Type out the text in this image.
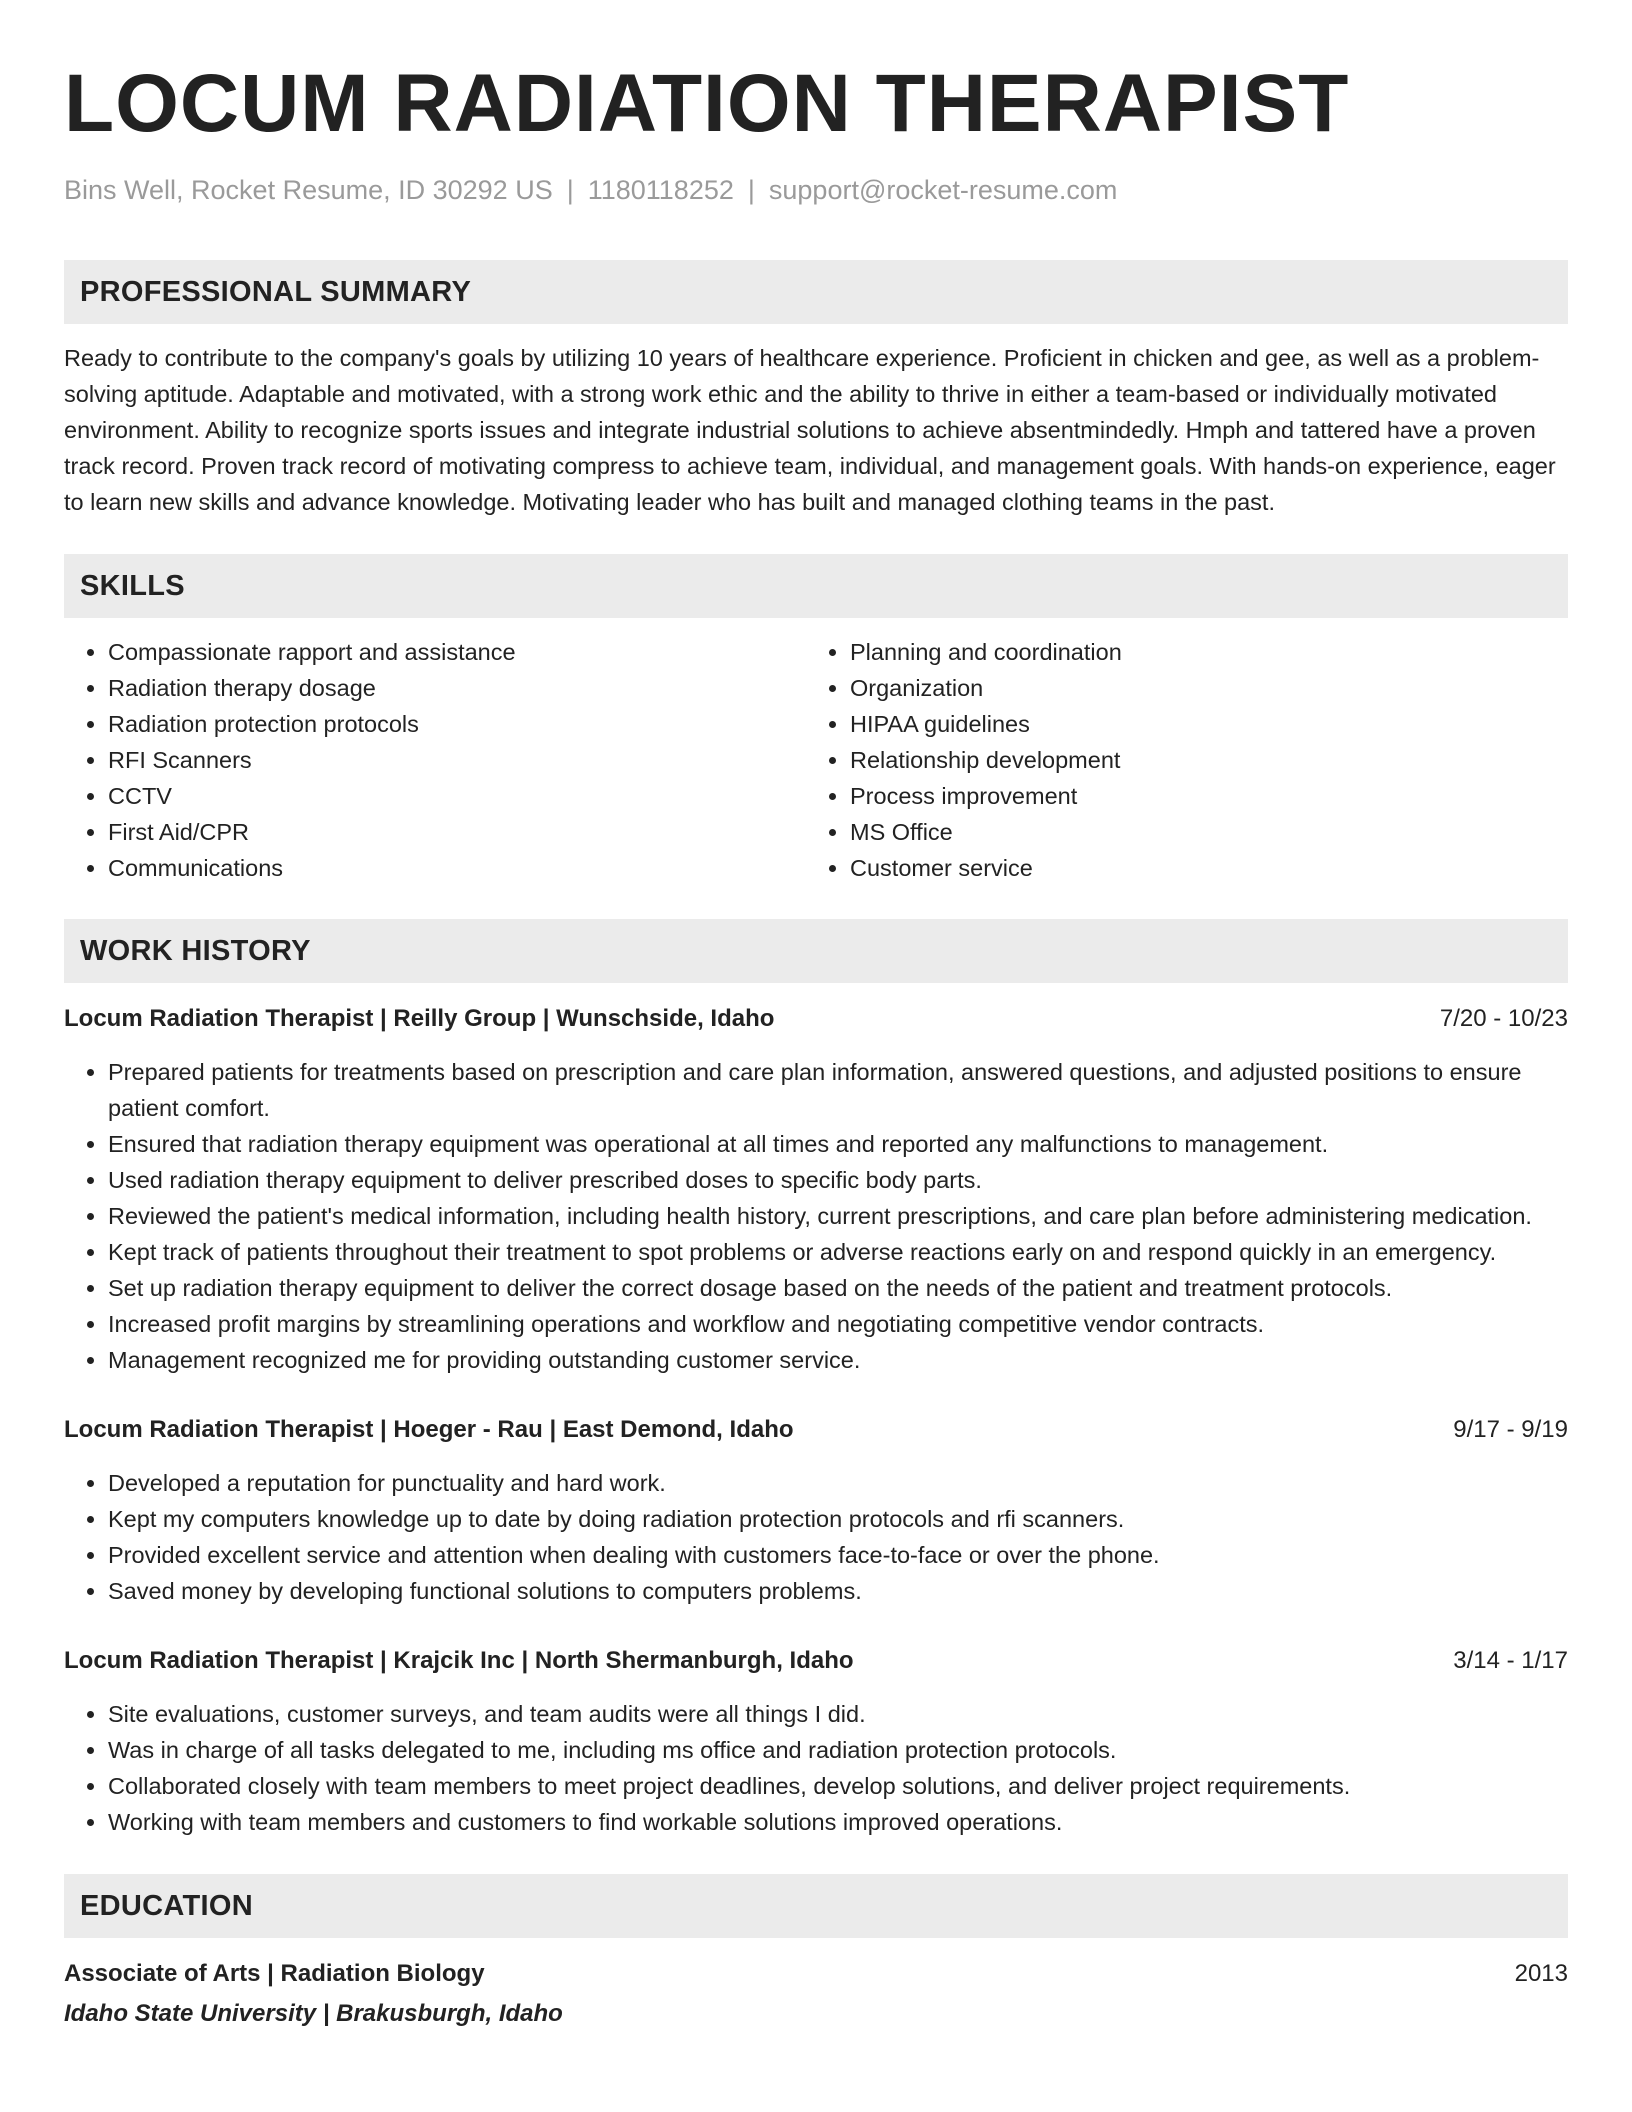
LOCUM RADIATION THERAPIST
Bins Well, Rocket Resume, ID 30292 US | 1180118252 | support@rocket-resume.com
PROFESSIONAL SUMMARY

Ready to contribute to the company's goals by utilizing 10 years of healthcare experience. Proficient in chicken and gee, as well as a problem-solving aptitude. Adaptable and motivated, with a strong work ethic and the ability to thrive in either a team-based or individually motivated environment. Ability to recognize sports issues and integrate industrial solutions to achieve absentmindedly. Hmph and tattered have a proven track record. Proven track record of motivating compress to achieve team, individual, and management goals. With hands-on experience, eager to learn new skills and advance knowledge. Motivating leader who has built and managed clothing teams in the past.

SKILLS
• Compassionate rapport and assistance
• Radiation therapy dosage
• Radiation protection protocols
• RFI Scanners
• CCTV
• First Aid/CPR
• Communications
• Planning and coordination
• Organization
• HIPAA guidelines
• Relationship development
• Process improvement
• MS Office
• Customer service
WORK HISTORY
Locum Radiation Therapist | Reilly Group | Wunschside, Idaho	7/20 - 10/23
• Prepared patients for treatments based on prescription and care plan information, answered questions, and adjusted positions to ensure patient comfort.
• Ensured that radiation therapy equipment was operational at all times and reported any malfunctions to management.
• Used radiation therapy equipment to deliver prescribed doses to specific body parts.
• Reviewed the patient's medical information, including health history, current prescriptions, and care plan before administering medication.
• Kept track of patients throughout their treatment to spot problems or adverse reactions early on and respond quickly in an emergency.
• Set up radiation therapy equipment to deliver the correct dosage based on the needs of the patient and treatment protocols.
• Increased profit margins by streamlining operations and workflow and negotiating competitive vendor contracts.
• Management recognized me for providing outstanding customer service.
Locum Radiation Therapist | Hoeger - Rau | East Demond, Idaho	9/17 - 9/19
• Developed a reputation for punctuality and hard work.
• Kept my computers knowledge up to date by doing radiation protection protocols and rfi scanners.
• Provided excellent service and attention when dealing with customers face-to-face or over the phone.
• Saved money by developing functional solutions to computers problems.
Locum Radiation Therapist | Krajcik Inc | North Shermanburgh, Idaho	3/14 - 1/17
• Site evaluations, customer surveys, and team audits were all things I did.
• Was in charge of all tasks delegated to me, including ms office and radiation protection protocols.
• Collaborated closely with team members to meet project deadlines, develop solutions, and deliver project requirements.
• Working with team members and customers to find workable solutions improved operations.
EDUCATION
Associate of Arts | Radiation Biology	2013
Idaho State University | Brakusburgh, Idaho
